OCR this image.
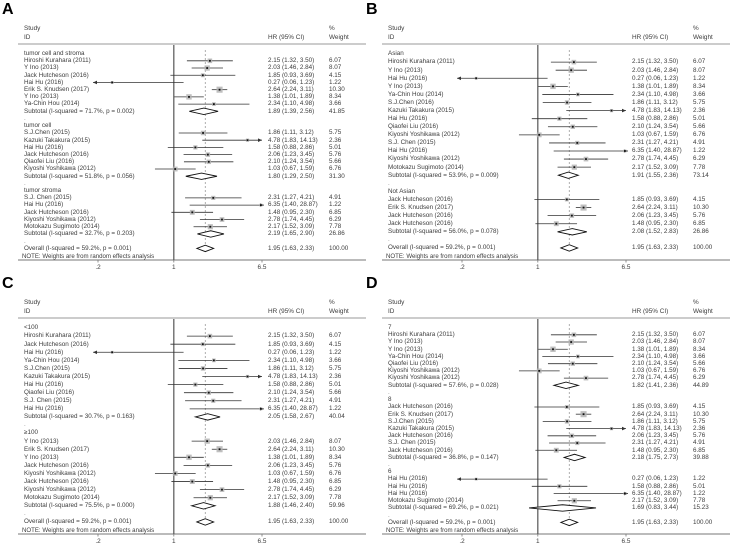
A
Study
ID	HR (95% CI)
%
Weight
tumor cell and stroma
Hiroshi Kurahara (2011)	2.15 (1.32, 3.50) 6.07
Y Ino (2013)	2.03 (1.46, 2.84) 8.07
Jack Hutcheson (2016)	1.85 (0.93, 3.69) 4.15
Hai Hu (2016)	0.27 (0.06, 1.23) 1.22
Erik S. Knudsen (2017)	2.64 (2.24, 3.11) 10.30
Y Ino (2013)	1.38 (1.01, 1.89) 8.34
Ya-Chin Hou (2014)	2.34 (1.10, 4.98) 3.66
Subtotal (I-squared = 71.7%, p = 0.002)	1.89 (1.39, 2.56) 41.85
.
tumor cell
S.J.Chen (2015)	1.86 (1.11, 3.12) 5.75
Kazuki Takakura (2015)	4.78 (1.83, 14.13) 2.36
Hai Hu (2016)	1.58 (0.88, 2.86) 5.01
Jack Hutcheson (2016)	2.06 (1.23, 3.45) 5.76
Qiaofei Liu (2016)	2.10 (1.24, 3.54) 5.66
Kiyoshi Yoshikawa (2012)	1.03 (0.67, 1.59) 6.76
Subtotal (I-squared = 51.8%, p = 0.056)	1.80 (1.29, 2.50) 31.30
.
tumor stroma
S.J. Chen (2015)	2.31 (1.27, 4.21) 4.91
Hai Hu (2016)	6.35 (1.40, 28.87) 1.22
Jack Hutcheson (2016)	1.48 (0.95, 2.30) 6.85
Kiyoshi Yoshikawa (2012)	2.78 (1.74, 4.45) 6.29
Motokazu Sugimoto (2014)	2.17 (1.52, 3.09) 7.78
Subtotal (I-squared = 32.7%, p = 0.203)	2.19 (1.65, 2.90) 26.86
.
Overall (I-squared = 59.2%, p = 0.001)	1.95 (1.63, 2.33) 100.00
NOTE: Weights are from random effects analysis
.2	1	6.5
B
Study
ID	HR (95% CI)
%
Weight
Asian
Hiroshi Kurahara (2011)	2.15 (1.32, 3.50) 6.07
Y Ino (2013)	2.03 (1.46, 2.84) 8.07
Hai Hu (2016)	0.27 (0.06, 1.23) 1.22
Y Ino (2013)	1.38 (1.01, 1.89) 8.34
Ya-Chin Hou (2014)	2.34 (1.10, 4.98) 3.66
S.J.Chen (2016)	1.86 (1.11, 3.12) 5.75
Kazuki Takakura (2015)	4.78 (1.83, 14.13) 2.36
Hai Hu (2016)	1.58 (0.88, 2.86) 5.01
Qiaofei Liu (2016)	2.10 (1.24, 3.54) 5.66
Kiyoshi Yoshikawa (2012)	1.03 (0.67, 1.59) 6.76
S.J. Chen (2015)	2.31 (1.27, 4.21) 4.91
Hai Hu (2016)	6.35 (1.40, 28.87) 1.22
Kiyoshi Yoshikawa (2012)	2.78 (1.74, 4.45) 6.29
Motokazu Sugimoto (2014)	2.17 (1.52, 3.09) 7.78
Subtotal (I-squared = 53.9%, p = 0.009)	1.91 (1.55, 2.36) 73.14
.
Not Asian
Jack Hutcheson (2016)	1.85 (0.93, 3.69) 4.15
Erik S. Knudsen (2017)	2.64 (2.24, 3.11) 10.30
Jack Hutcheson (2016)	2.06 (1.23, 3.45) 5.76
Jack Hutcheson (2016)	1.48 (0.95, 2.30) 6.85
Subtotal (I-squared = 56.0%, p = 0.078)	2.08 (1.52, 2.83) 26.86
.
Overall (I-squared = 59.2%, p = 0.001)	1.95 (1.63, 2.33) 100.00
NOTE: Weights are from random effects analysis
.2	1	6.5
C
Study
ID	HR (95% CI)
%
Weight
<100
Hiroshi Kurahara (2011)	2.15 (1.32, 3.50) 6.07
Jack Hutcheson (2016)	1.85 (0.93, 3.69) 4.15
Hai Hu (2016)	0.27 (0.06, 1.23) 1.22
Ya-Chin Hou (2014)	2.34 (1.10, 4.98) 3.66
S.J.Chen (2015)	1.86 (1.11, 3.12) 5.75
Kazuki Takakura (2015)	4.78 (1.83, 14.13) 2.36
Hai Hu (2016)	1.58 (0.88, 2.86) 5.01
Qiaofei Liu (2016)	2.10 (1.24, 3.54) 5.66
S.J. Chen (2015)	2.31 (1.27, 4.21) 4.91
Hai Hu (2016)	6.35 (1.40, 28.87) 1.22
Subtotal (I-squared = 30.7%, p = 0.163)	2.05 (1.58, 2.67) 40.04
.
≥100
Y Ino (2013)	2.03 (1.46, 2.84) 8.07
Erik S. Knudsen (2017)	2.64 (2.24, 3.11) 10.30
Y Ino (2013)	1.38 (1.01, 1.89) 8.34
Jack Hutcheson (2016)	2.06 (1.23, 3.45) 5.76
Kiyoshi Yoshikawa (2012)	1.03 (0.67, 1.59) 6.76
Jack Hutcheson (2016)	1.48 (0.95, 2.30) 6.85
Kiyoshi Yoshikawa (2012)	2.78 (1.74, 4.45) 6.29
Motokazu Sugimoto (2014)	2.17 (1.52, 3.09) 7.78
Subtotal (I-squared = 75.5%, p = 0.000)	1.88 (1.46, 2.40) 59.96
.
Overall (I-squared = 59.2%, p = 0.001)	1.95 (1.63, 2.33) 100.00
NOTE: Weights are from random effects analysis
.2	1	6.5
D
Study
ID	HR (95% CI)
%
Weight
7
Hiroshi Kurahara (2011)	2.15 (1.32, 3.50) 6.07
Y Ino (2013)	2.03 (1.46, 2.84) 8.07
Y Ino (2013)	1.38 (1.01, 1.89) 8.34
Ya-Chin Hou (2014)	2.34 (1.10, 4.98) 3.66
Qiaofei Liu (2016)	2.10 (1.24, 3.54) 5.66
Kiyoshi Yoshikawa (2012)	1.03 (0.67, 1.59) 6.76
Kiyoshi Yoshikawa (2012)	2.78 (1.74, 4.45) 6.29
Subtotal (I-squared = 57.6%, p = 0.028)	1.82 (1.41, 2.36) 44.89
.
8
Jack Hutcheson (2016)	1.85 (0.93, 3.69) 4.15
Erik S. Knudsen (2017)	2.64 (2.24, 3.11) 10.30
S.J.Chen (2015)	1.86 (1.11, 3.12) 5.75
Kazuki Takakura (2015)	4.78 (1.83, 14.13) 2.36
Jack Hutcheson (2016)	2.06 (1.23, 3.45) 5.76
S.J. Chen (2015)	2.31 (1.27, 4.21) 4.91
Jack Hutcheson (2016)	1.48 (0.95, 2.30) 6.85
Subtotal (I-squared = 36.8%, p = 0.147)	2.18 (1.75, 2.73) 39.88
.
6
Hai Hu (2016)	0.27 (0.06, 1.23) 1.22
Hai Hu (2016)	1.58 (0.88, 2.86) 5.01
Hai Hu (2016)	6.35 (1.40, 28.87) 1.22
Motokazu Sugimoto (2014)	2.17 (1.52, 3.09) 7.78
Subtotal (I-squared = 69.2%, p = 0.021)	1.69 (0.83, 3.44) 15.23
.
Overall (I-squared = 59.2%, p = 0.001)	1.95 (1.63, 2.33) 100.00
NOTE: Weights are from random effects analysis
.2	1	6.5
